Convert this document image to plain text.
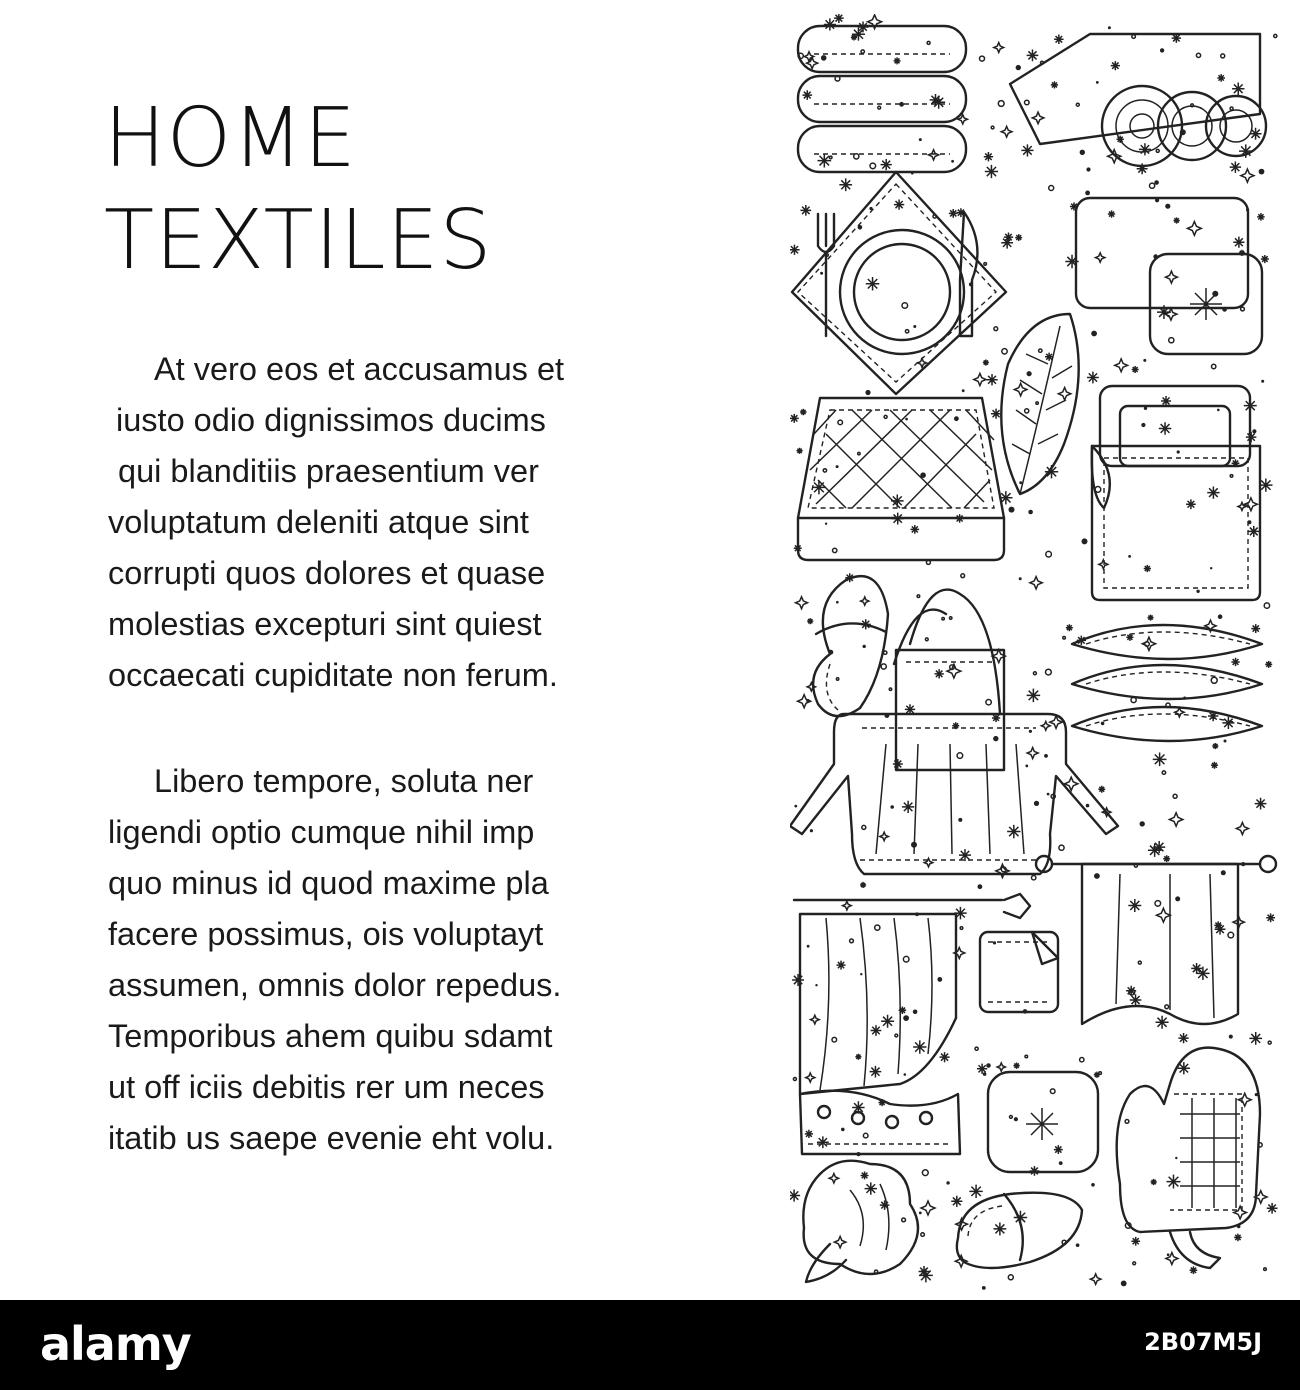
HOME
TEXTILES
At vero eos et accusamus et
iusto odio dignissimos ducims
qui blanditiis praesentium ver
voluptatum deleniti atque sint
corrupti quos dolores et quase
molestias excepturi sint quiest
occaecati cupiditate non ferum.
Libero tempore, soluta ner
ligendi optio cumque nihil imp
quo minus id quod maxime pla
facere possimus, ois voluptayt
assumen, omnis dolor repedus.
Temporibus ahem quibu sdamt
ut off iciis debitis rer um neces
itatib us saepe evenie eht volu.
alamy	2B07M5J
